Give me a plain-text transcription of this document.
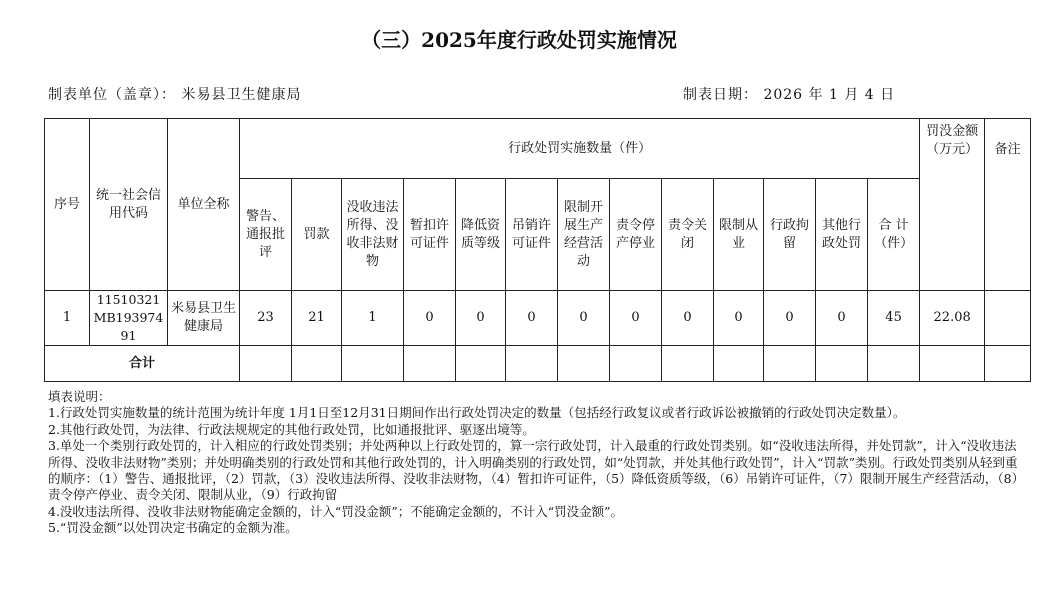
（三）2025年度行政处罚实施情况
制表单位（盖章）： 米易县卫生健康局	制表日期： 2026 年 1 月 4 日
序号	统一社会信用代码	单位全称	行政处罚实施数量（件）													罚没金额（万元）	备注
			警告、通报批评	罚款	没收违法所得、没收非法财物	暂扣许可证件	降低资质等级	吊销许可证件	限制开展生产经营活动	责令停产停业	责令关闭	限制从业	行政拘留	其他行政处罚	合 计（件）		
1	11510321MB19397491	米易县卫生健康局	23	21	1	0	0	0	0	0	0	0	0	0	45	22.08	
合计																	
填表说明：
1.行政处罚实施数量的统计范围为统计年度 1月1日至12月31日期间作出行政处罚决定的数量（包括经行政复议或者行政诉讼被撤销的行政处罚决定数量）。
2.其他行政处罚，为法律、行政法规规定的其他行政处罚，比如通报批评、驱逐出境等。
3.单处一个类别行政处罚的，计入相应的行政处罚类别；并处两种以上行政处罚的，算一宗行政处罚，计入最重的行政处罚类别。如“没收违法所得，并处罚款”，计入“没收违法所得、没收非法财物”类别；并处明确类别的行政处罚和其他行政处罚的，计入明确类别的行政处罚，如“处罚款，并处其他行政处罚”，计入“罚款”类别。行政处罚类别从轻到重的顺序：（1）警告、通报批评，（2）罚款，（3）没收违法所得、没收非法财物，（4）暂扣许可证件，（5）降低资质等级，（6）吊销许可证件，（7）限制开展生产经营活动，（8）责令停产停业、责令关闭、限制从业，（9）行政拘留
4.没收违法所得、没收非法财物能确定金额的，计入“罚没金额”；不能确定金额的，不计入“罚没金额”。
5.“罚没金额”以处罚决定书确定的金额为准。
